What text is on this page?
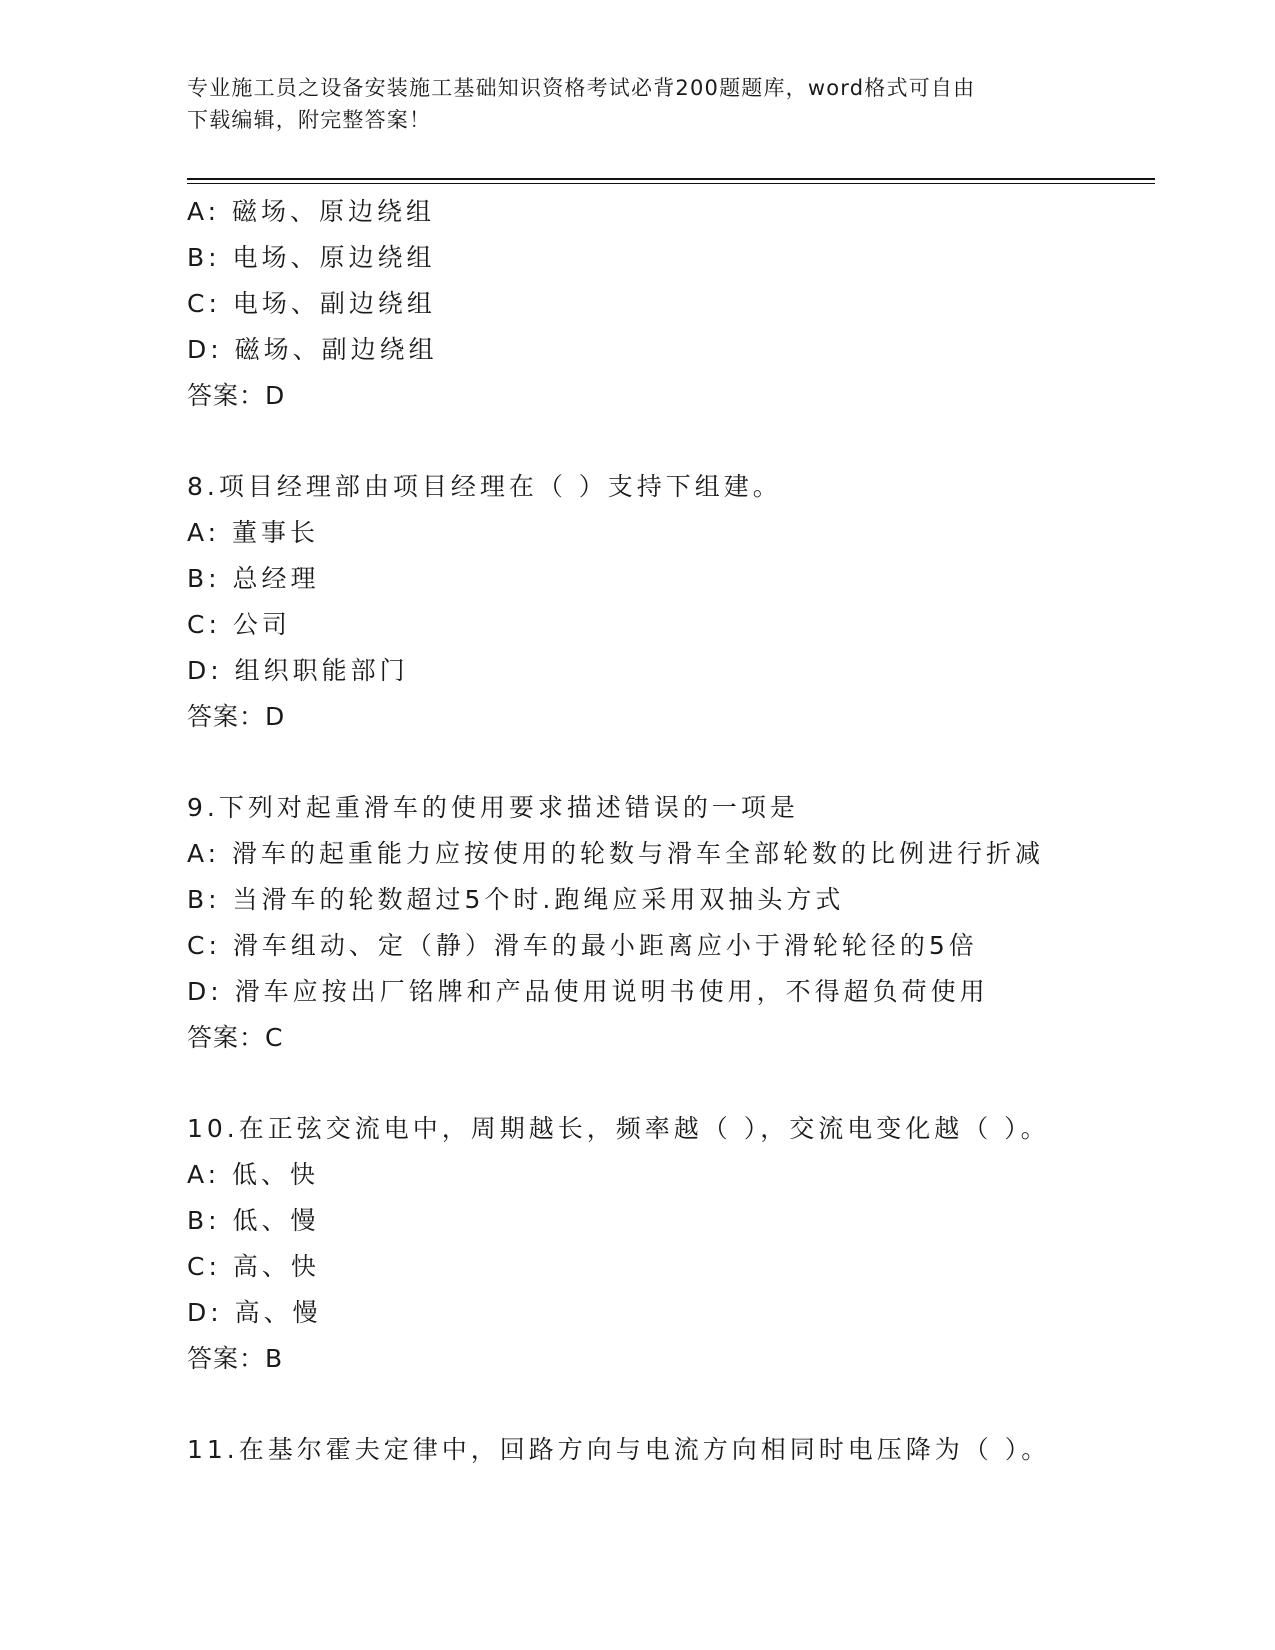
专业施工员之设备安装施工基础知识资格考试必背200题题库，word格式可自由
下载编辑，附完整答案！
A: 磁场、原边绕组
B: 电场、原边绕组
C: 电场、副边绕组
D: 磁场、副边绕组
答案：D
8.项目经理部由项目经理在（ ）支持下组建。
A: 董事长
B: 总经理
C: 公司
D: 组织职能部门
答案：D
9.下列对起重滑车的使用要求描述错误的一项是
A: 滑车的起重能力应按使用的轮数与滑车全部轮数的比例进行折减
B: 当滑车的轮数超过5个时.跑绳应采用双抽头方式
C: 滑车组动、定（静）滑车的最小距离应小于滑轮轮径的5倍
D: 滑车应按出厂铭牌和产品使用说明书使用，不得超负荷使用
答案：C
10.在正弦交流电中，周期越长，频率越（ ），交流电变化越（ ）。
A: 低、快
B: 低、慢
C: 高、快
D: 高、慢
答案：B
11.在基尔霍夫定律中，回路方向与电流方向相同时电压降为（ ）。
